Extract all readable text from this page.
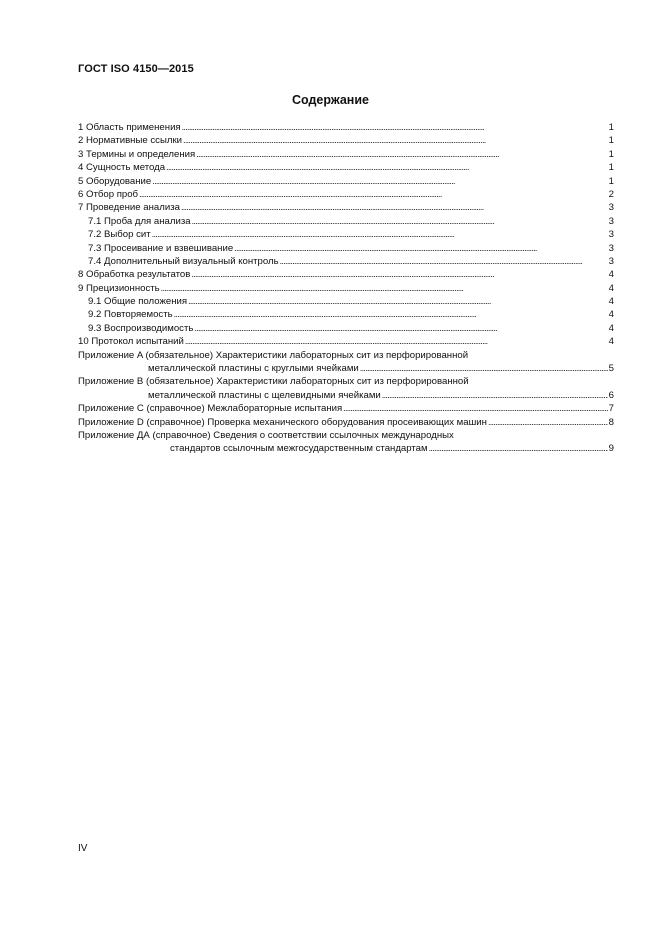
ГОСТ ISO 4150—2015
Содержание
1 Область применения . . .	1
2 Нормативные ссылки . . .	1
3 Термины и определения . . .	1
4 Сущность метода . . .	1
5 Оборудование . . .	1
6 Отбор проб . . .	2
7 Проведение анализа . . .	3
7.1 Проба для анализа . . .	3
7.2 Выбор сит . . .	3
7.3 Просеивание и взвешивание . . .	3
7.4 Дополнительный визуальный контроль . . .	3
8 Обработка результатов . . .	4
9 Прецизионность . . .	4
9.1 Общие положения . . .	4
9.2 Повторяемость . . .	4
9.3 Воспроизводимость . . .	4
10 Протокол испытаний . . .	4
Приложение A (обязательное) Характеристики лабораторных сит из перфорированной
металлической пластины с круглыми ячейками . . .	5
Приложение B (обязательное) Характеристики лабораторных сит из перфорированной
металлической пластины с щелевидными ячейками . . .	6
Приложение C (справочное) Межлабораторные испытания . . .	7
Приложение D (справочное) Проверка механического оборудования просеивающих машин . . .	8
Приложение ДА (справочное) Сведения о соответствии ссылочных международных
стандартов ссылочным межгосударственным стандартам . . .	9
IV
